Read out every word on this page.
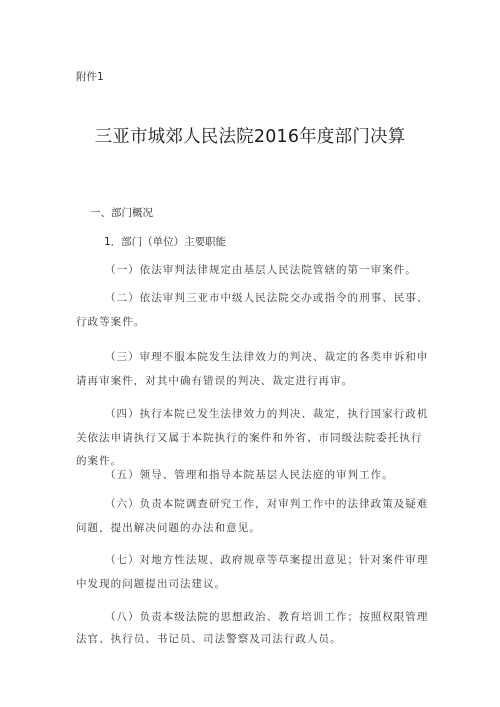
附件1
三亚市城郊人民法院2016年度部门决算
一、部门概况
1．部门（单位）主要职能
（一）依法审判法律规定由基层人民法院管辖的第一审案件。
（二）依法审判三亚市中级人民法院交办或指令的刑事、民事、
行政等案件。
（三）审理不服本院发生法律效力的判决、裁定的各类申诉和申
请再审案件，对其中确有错误的判决、裁定进行再审。
（四）执行本院已发生法律效力的判决、裁定，执行国家行政机
关依法申请执行又属于本院执行的案件和外省、市同级法院委托执行
的案件。
（五）领导、管理和指导本院基层人民法庭的审判工作。
（六）负责本院调查研究工作，对审判工作中的法律政策及疑难
问题，提出解决问题的办法和意见。
（七）对地方性法规、政府规章等草案提出意见；针对案件审理
中发现的问题提出司法建议。
（八）负责本级法院的思想政治、教育培训工作；按照权限管理
法官、执行员、书记员、司法警察及司法行政人员。
